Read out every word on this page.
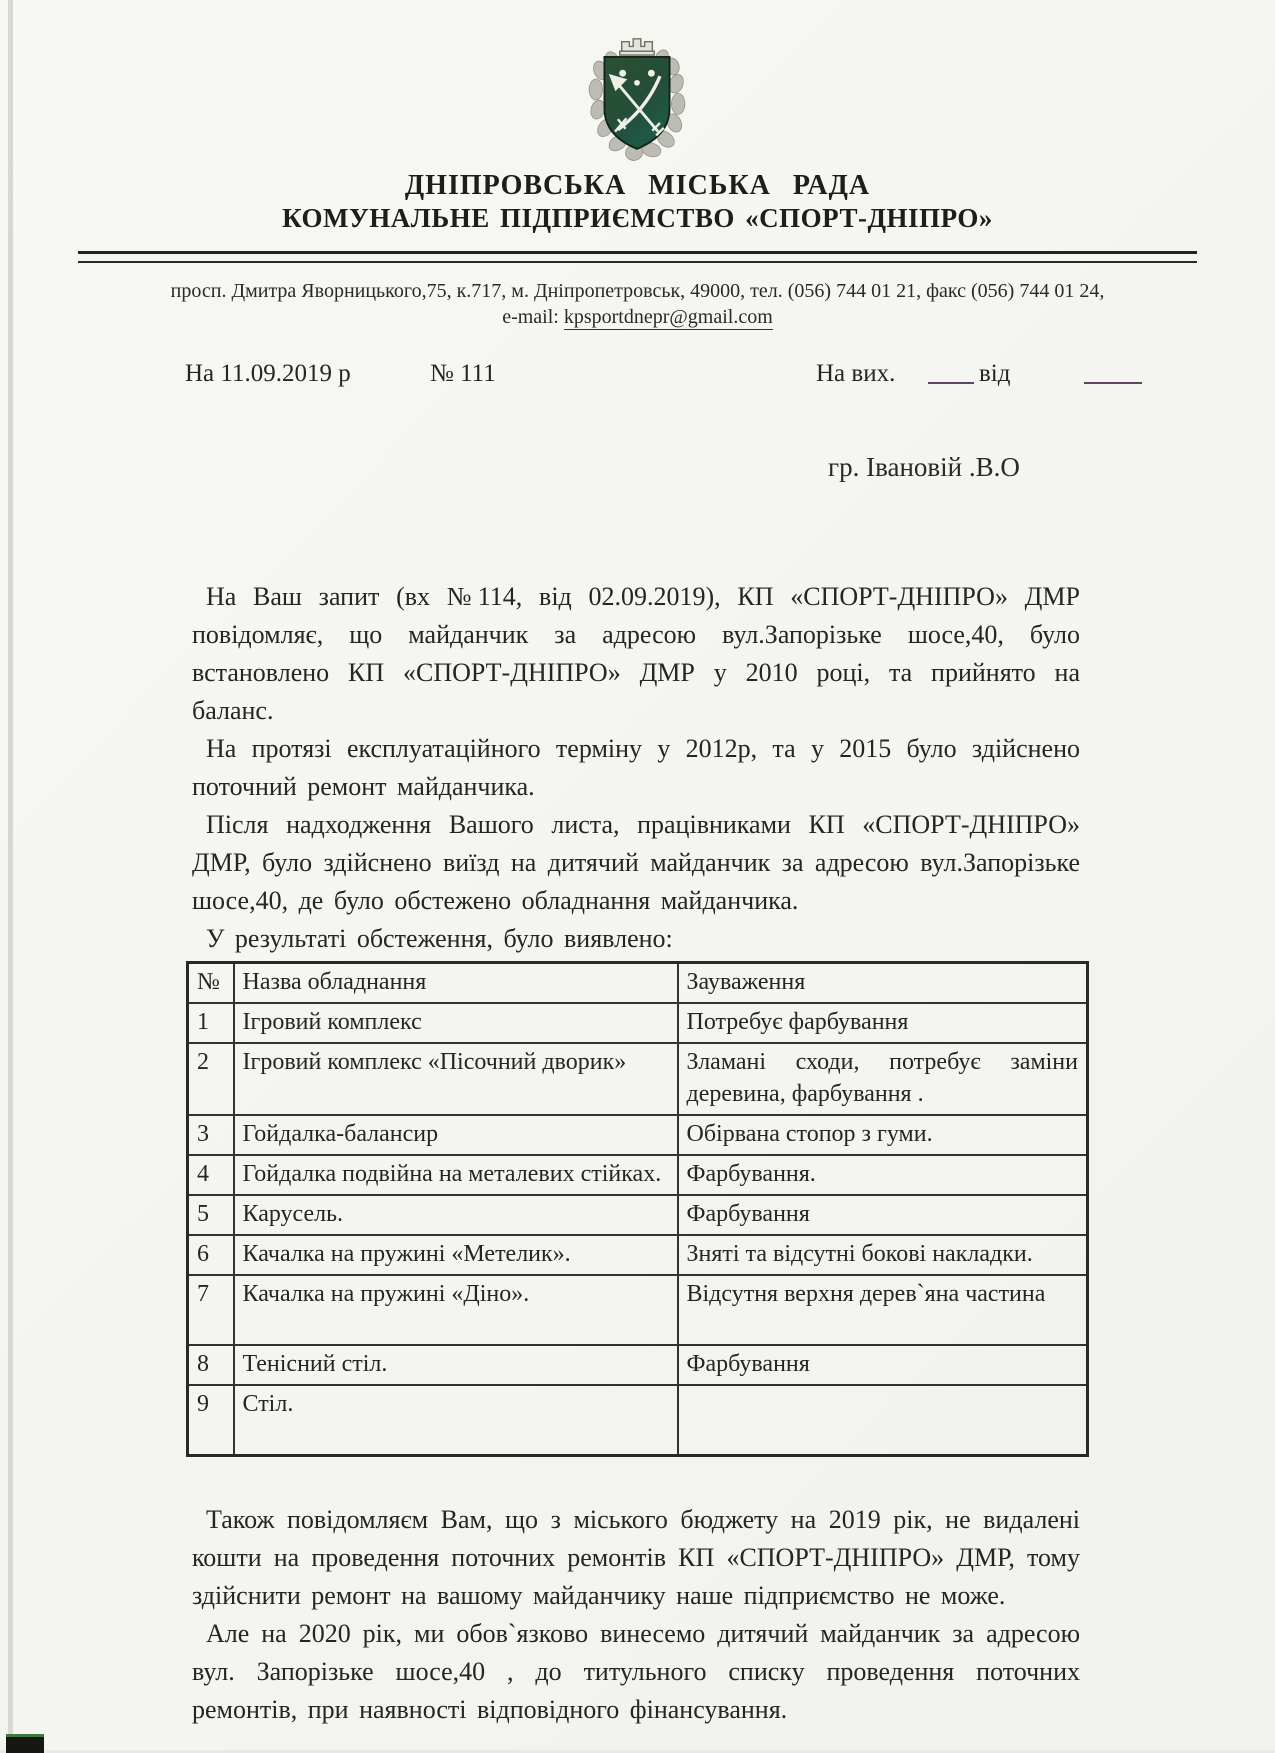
ДНІПРОВСЬКА МІСЬКА РАДА
КОМУНАЛЬНЕ ПІДПРИЄМСТВО «СПОРТ-ДНІПРО»
просп. Дмитра Яворницького,75, к.717, м. Дніпропетровськ, 49000, тел. (056) 744 01 21, факс (056) 744 01 24,
e-mail: kpsportdnepr@gmail.com
На 11.09.2019 р	№ 111	На вих.	від
гр. Івановій .В.О

На Ваш запит (вх №114, від 02.09.2019), КП «СПОРТ-ДНІПРО» ДМР повідомляє, що майданчик за адресою вул.Запорізьке шосе,40, було встановлено КП «СПОРТ-ДНІПРО» ДМР у 2010 році, та прийнято на баланс.

На протязі експлуатаційного терміну у 2012р, та у 2015 було здійснено поточний ремонт майданчика.

Після надходження Вашого листа, працівниками КП «СПОРТ-ДНІПРО» ДМР, було здійснено виїзд на дитячий майданчик за адресою вул.Запорізьке шосе,40, де було обстежено обладнання майданчика.

У результаті обстеження, було виявлено:

№	Назва обладнання	Зауваження
1	Ігровий комплекс	Потребує фарбування
2	Ігровий комплекс «Пісочний дворик»	Зламані сходи, потребує заміни деревина, фарбування .
3	Гойдалка-балансир	Обірвана стопор з гуми.
4	Гойдалка подвійна на металевих стійках.	Фарбування.
5	Карусель.	Фарбування
6	Качалка на пружині «Метелик».	Зняті та відсутні бокові накладки.
7	Качалка на пружині «Діно».	Відсутня верхня дерев`яна частина
8	Тенісний стіл.	Фарбування
9	Стіл.	

Також повідомляєм Вам, що з міського бюджету на 2019 рік, не видалені кошти на проведення поточних ремонтів КП «СПОРТ-ДНІПРО» ДМР, тому здійснити ремонт на вашому майданчику наше підприємство не може.

Але на 2020 рік, ми обов`язково винесемо дитячий майданчик за адресою вул. Запорізьке шосе,40 , до титульного списку проведення поточних ремонтів, при наявності відповідного фінансування.
